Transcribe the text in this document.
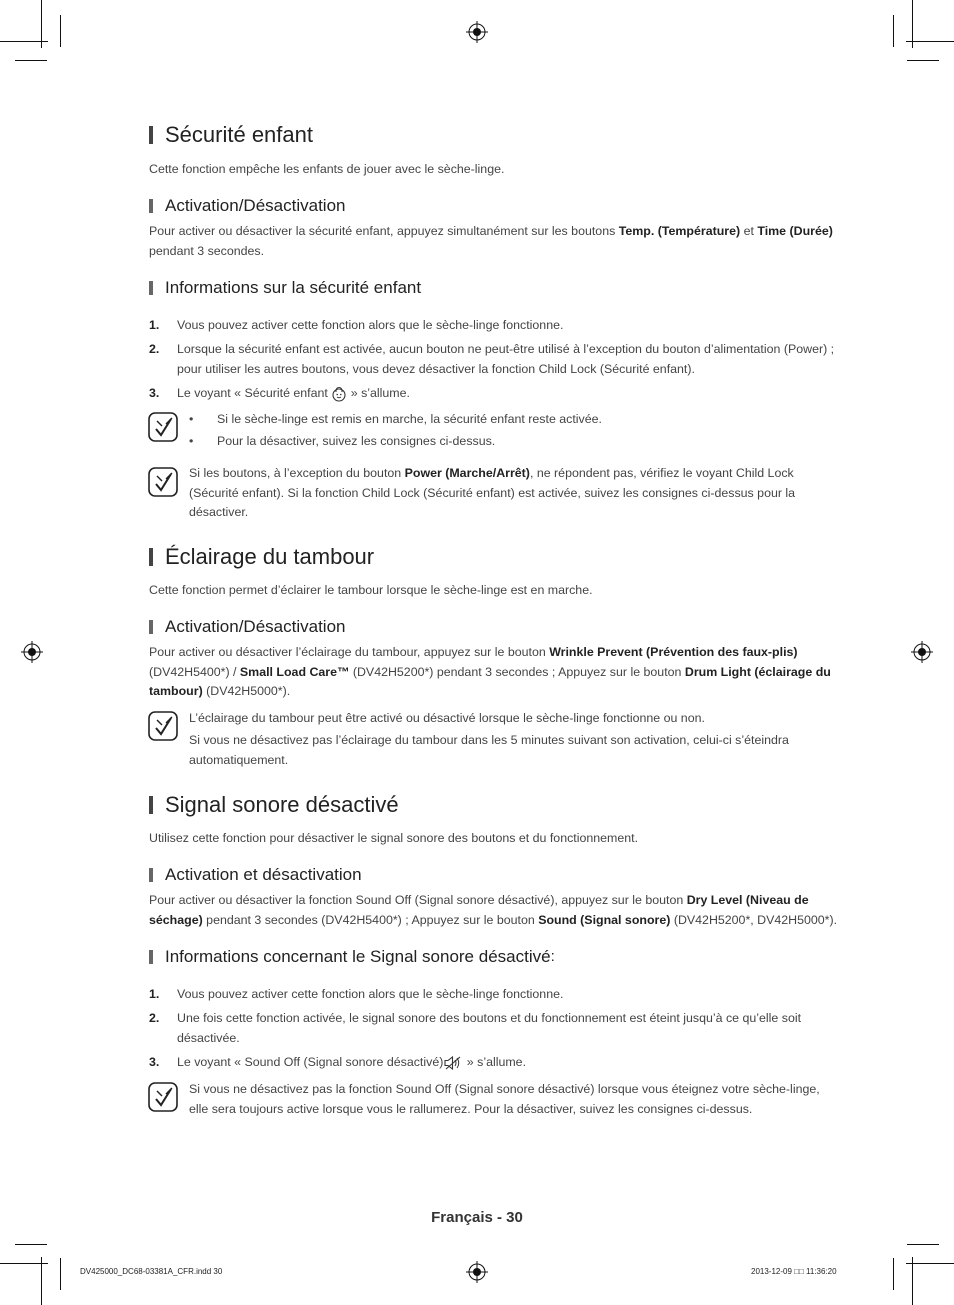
Sécurité enfant
Cette fonction empêche les enfants de jouer avec le sèche-linge.
Activation/Désactivation
Pour activer ou désactiver la sécurité enfant, appuyez simultanément sur les boutons Temp. (Température) et Time (Durée) pendant 3 secondes.
Informations sur la sécurité enfant
1. Vous pouvez activer cette fonction alors que le sèche-linge fonctionne.
2. Lorsque la sécurité enfant est activée, aucun bouton ne peut-être utilisé à l’exception du bouton d’alimentation (Power) ; pour utiliser les autres boutons, vous devez désactiver la fonction Child Lock (Sécurité enfant).
3. Le voyant « Sécurité enfant  » s’allume.
• Si le sèche-linge est remis en marche, la sécurité enfant reste activée.
• Pour la désactiver, suivez les consignes ci-dessus.
Si les boutons, à l’exception du bouton Power (Marche/Arrêt), ne répondent pas, vérifiez le voyant Child Lock (Sécurité enfant). Si la fonction Child Lock (Sécurité enfant) est activée, suivez les consignes ci-dessus pour la désactiver.
Éclairage du tambour
Cette fonction permet d’éclairer le tambour lorsque le sèche-linge est en marche.
Activation/Désactivation
Pour activer ou désactiver l’éclairage du tambour, appuyez sur le bouton Wrinkle Prevent (Prévention des faux-plis) (DV42H5400*) / Small Load Care™ (DV42H5200*) pendant 3 secondes ; Appuyez sur le bouton Drum Light (éclairage du tambour) (DV42H5000*).
L’éclairage du tambour peut être activé ou désactivé lorsque le sèche-linge fonctionne ou non.
Si vous ne désactivez pas l’éclairage du tambour dans les 5 minutes suivant son activation, celui-ci s’éteindra automatiquement.
Signal sonore désactivé
Utilisez cette fonction pour désactiver le signal sonore des boutons et du fonctionnement.
Activation et désactivation
Pour activer ou désactiver la fonction Sound Off (Signal sonore désactivé), appuyez sur le bouton Dry Level (Niveau de séchage) pendant 3 secondes (DV42H5400*) ; Appuyez sur le bouton Sound (Signal sonore) (DV42H5200*, DV42H5000*).
Informations concernant le Signal sonore désactivé :
1. Vous pouvez activer cette fonction alors que le sèche-linge fonctionne.
2. Une fois cette fonction activée, le signal sonore des boutons et du fonctionnement est éteint jusqu’à ce qu’elle soit désactivée.
3. Le voyant « Sound Off (Signal sonore désactivé) » s’allume.
Si vous ne désactivez pas la fonction Sound Off (Signal sonore désactivé) lorsque vous éteignez votre sèche-linge, elle sera toujours active lorsque vous le rallumerez. Pour la désactiver, suivez les consignes ci-dessus.
Français - 30
DV425000_DC68-03381A_CFR.indd 30	2013-12-09 □□ 11:36:20
